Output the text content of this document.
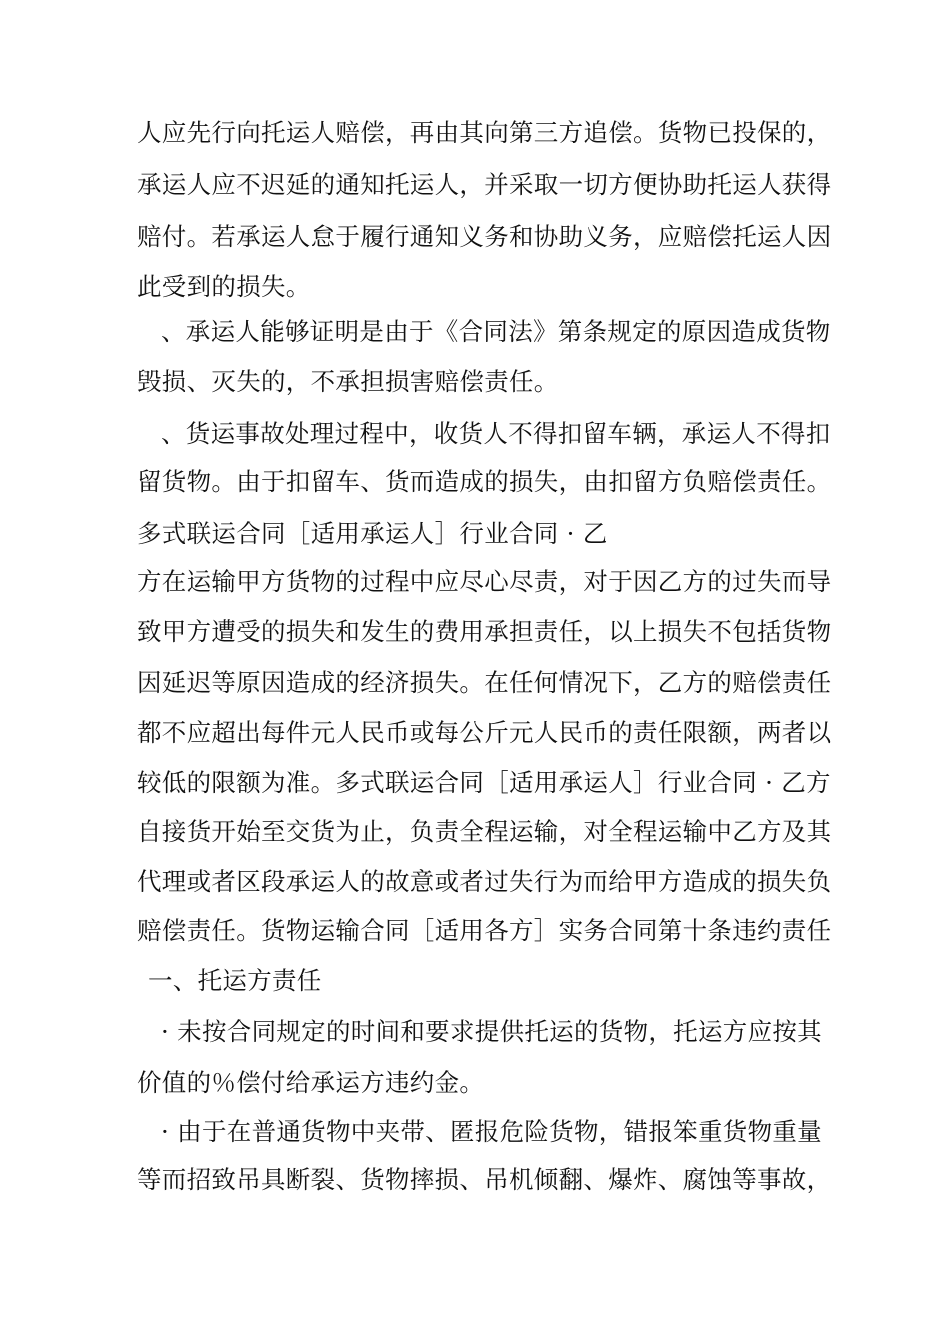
人应先行向托运人赔偿，再由其向第三方追偿。货物已投保的，
承运人应不迟延的通知托运人，并采取一切方便协助托运人获得
赔付。若承运人怠于履行通知义务和协助义务，应赔偿托运人因
此受到的损失。
、承运人能够证明是由于《合同法》第条规定的原因造成货物
毁损、灭失的，不承担损害赔偿责任。
、货运事故处理过程中，收货人不得扣留车辆，承运人不得扣
留货物。由于扣留车、货而造成的损失，由扣留方负赔偿责任。
多式联运合同［适用承运人］行业合同 · 乙
方在运输甲方货物的过程中应尽心尽责，对于因乙方的过失而导
致甲方遭受的损失和发生的费用承担责任，以上损失不包括货物
因延迟等原因造成的经济损失。在任何情况下，乙方的赔偿责任
都不应超出每件元人民币或每公斤元人民币的责任限额，两者以
较低的限额为准。多式联运合同［适用承运人］行业合同 · 乙方
自接货开始至交货为止，负责全程运输，对全程运输中乙方及其
代理或者区段承运人的故意或者过失行为而给甲方造成的损失负
赔偿责任。货物运输合同［适用各方］实务合同第十条违约责任
一、托运方责任
· 未按合同规定的时间和要求提供托运的货物，托运方应按其
价值的％偿付给承运方违约金。
· 由于在普通货物中夹带、匿报危险货物，错报笨重货物重量
等而招致吊具断裂、货物摔损、吊机倾翻、爆炸、腐蚀等事故，
